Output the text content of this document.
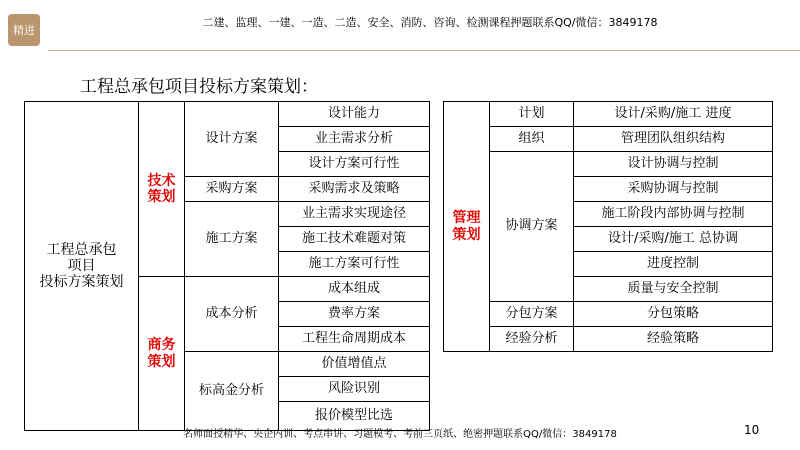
精进
二建、监理、一建、一造、二造、安全、消防、咨询、检测课程押题联系QQ/微信：3849178
工程总承包项目投标方案策划：
工程总承包
项目
投标方案策划
技术
策划
商务
策划
设计方案
采购方案
施工方案
成本分析
标高金分析
设计能力
业主需求分析
设计方案可行性
采购需求及策略
业主需求实现途径
施工技术难题对策
施工方案可行性
成本组成
费率方案
工程生命周期成本
价值增值点
风险识别
报价模型比选
管理
策划
计划
组织
协调方案
分包方案
经验分析
设计/采购/施工 进度
管理团队组织结构
设计协调与控制
采购协调与控制
施工阶段内部协调与控制
设计/采购/施工 总协调
进度控制
质量与安全控制
分包策略
经验策略
名师面授精华、央企内训、考点串讲、习题模考、考前三页纸、绝密押题联系QQ/微信：3849178	10
